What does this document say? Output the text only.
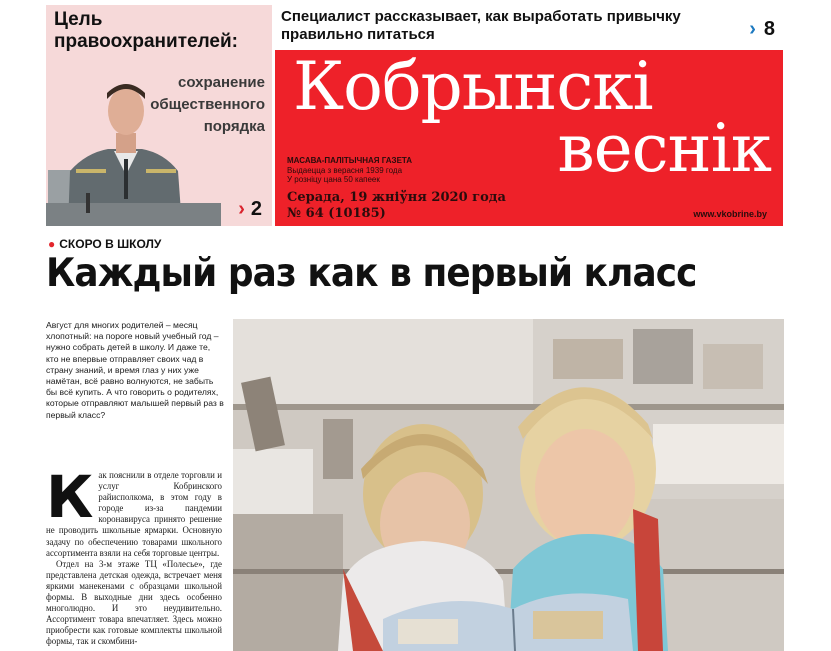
Цель правоохранителей:
сохранение общественного порядка
› 2
Специалист рассказывает, как выработать привычку правильно питаться	› 8
Кобрынскі
веснік
МАСАВА-ПАЛІТЫЧНАЯ ГАЗЕТА
Выдаецца з верасня 1939 года
У розніцу цана 50 капеек
Серада, 19 жніўня 2020 года
№ 64 (10185)	www.vkobrine.by
● СКОРО В ШКОЛУ
Каждый раз как в первый класс
Август для многих родителей – месяц хлопотный: на пороге новый учебный год – нужно собрать детей в школу. И даже те, кто не впервые отправляет своих чад в страну знаний, и время глаз у них уже намётан, всё равно волнуются, не забыть бы всё купить. А что говорить о родителях, которые отправляют малышей первый раз в первый класс?

Как пояснили в отделе торговли и услуг Кобринского райисполкома, в этом году в городе из-за пандемии коронавируса принято решение не проводить школьные ярмарки. Основную задачу по обеспечению товарами школьного ассортимента взяли на себя торговые центры.

Отдел на 3-м этаже ТЦ «Полесье», где представлена детская одежда, встречает меня яркими манекенами с образцами школьной формы. В выходные дни здесь особенно многолюдно. И это неудивительно. Ассортимент товара впечатляет. Здесь можно приобрести как готовые комплекты школьной формы, так и скомбини-
